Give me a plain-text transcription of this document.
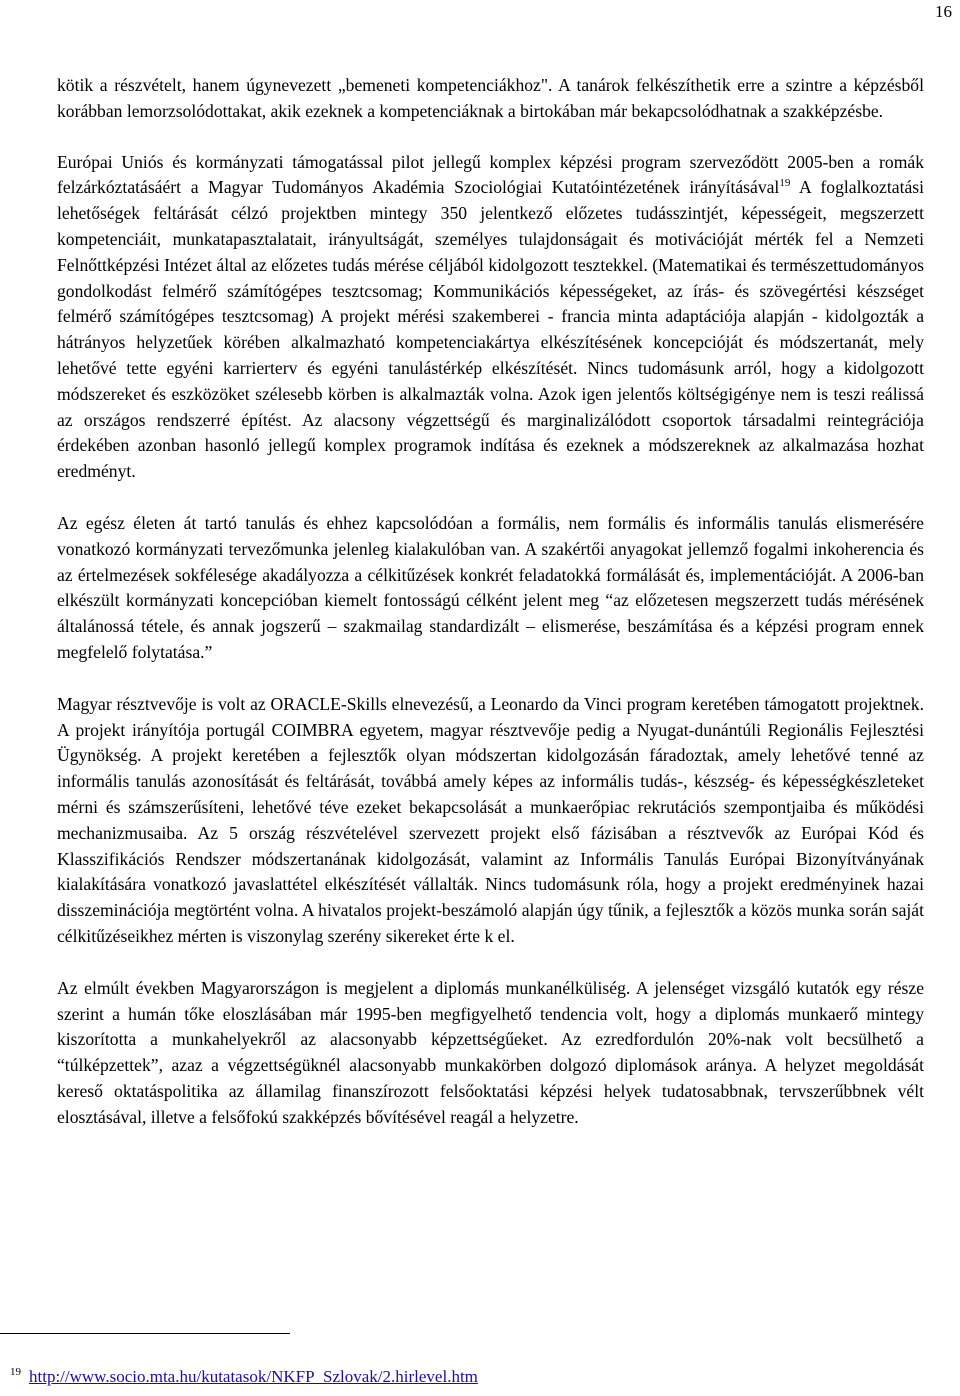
16

kötik a részvételt, hanem úgynevezett „bemeneti kompetenciákhoz". A tanárok felkészíthetik erre a szintre a képzésből korábban lemorzsolódottakat, akik ezeknek a kompetenciáknak a birtokában már bekapcsolódhatnak a szakképzésbe.

Európai Uniós és kormányzati támogatással pilot jellegű komplex képzési program szerveződött 2005-ben a romák felzárkóztatásáért a Magyar Tudományos Akadémia Szociológiai Kutatóintézetének irányításával$^{19}$ A foglalkoztatási lehetőségek feltárását célzó projektben mintegy 350 jelentkező előzetes tudásszintjét, képességeit, megszerzett kompetenciáit, munkatapasztalatait, irányultságát, személyes tulajdonságait és motivációját mérték fel a Nemzeti Felnőttképzési Intézet által az előzetes tudás mérése céljából kidolgozott tesztekkel. (Matematikai és természettudományos gondolkodást felmérő számítógépes tesztcsomag; Kommunikációs képességeket, az írás- és szövegértési készséget felmérő számítógépes tesztcsomag) A projekt mérési szakemberei - francia minta adaptációja alapján - kidolgozták a hátrányos helyzetűek körében alkalmazható kompetenciakártya elkészítésének koncepcióját és módszertanát, mely lehetővé tette egyéni karrierterv és egyéni tanulástérkép elkészítését. Nincs tudomásunk arról, hogy a kidolgozott módszereket és eszközöket szélesebb körben is alkalmazták volna. Azok igen jelentős költségigénye nem is teszi reálissá az országos rendszerré építést. Az alacsony végzettségű és marginalizálódott csoportok társadalmi reintegrációja érdekében azonban hasonló jellegű komplex programok indítása és ezeknek a módszereknek az alkalmazása hozhat eredményt.

Az egész életen át tartó tanulás és ehhez kapcsolódóan a formális, nem formális és informális tanulás elismerésére vonatkozó kormányzati tervezőmunka jelenleg kialakulóban van. A szakértői anyagokat jellemző fogalmi inkoherencia és az értelmezések sokfélesége akadályozza a célkitűzések konkrét feladatokká formálását és, implementációját. A 2006-ban elkészült kormányzati koncepcióban kiemelt fontosságú célként jelent meg “az előzetesen megszerzett tudás mérésének általánossá tétele, és annak jogszerű – szakmailag standardizált – elismerése, beszámítása és a képzési program ennek megfelelő folytatása.”

Magyar résztvevője is volt az ORACLE-Skills elnevezésű, a Leonardo da Vinci program keretében támogatott projektnek. A projekt irányítója portugál COIMBRA egyetem, magyar résztvevője pedig a Nyugat-dunántúli Regionális Fejlesztési Ügynökség. A projekt keretében a fejlesztők olyan módszertan kidolgozásán fáradoztak, amely lehetővé tenné az informális tanulás azonosítását és feltárását, továbbá amely képes az informális tudás-, készség- és képességkészleteket mérni és számszerűsíteni, lehetővé téve ezeket bekapcsolását a munkaerőpiac rekrutációs szempontjaiba és működési mechanizmusaiba. Az 5 ország részvételével szervezett projekt első fázisában a résztvevők az Európai Kód és Klasszifikációs Rendszer módszertanának kidolgozását, valamint az Informális Tanulás Európai Bizonyítványának kialakítására vonatkozó javaslattétel elkészítését vállalták. Nincs tudomásunk róla, hogy a projekt eredményinek hazai disszeminációja megtörtént volna. A hivatalos projekt-beszámoló alapján úgy tűnik, a fejlesztők a közös munka során saját célkitűzéseikhez mérten is viszonylag szerény sikereket érte k el.

Az elmúlt években Magyarországon is megjelent a diplomás munkanélküliség. A jelenséget vizsgáló kutatók egy része szerint a humán tőke eloszlásában már 1995-ben megfigyelhető tendencia volt, hogy a diplomás munkaerő mintegy kiszorította a munkahelyekről az alacsonyabb képzettségűeket. Az ezredfordulón 20%-nak volt becsülhető a “túlképzettek”, azaz a végzettségüknél alacsonyabb munkakörben dolgozó diplomások aránya. A helyzet megoldását kereső oktatáspolitika az államilag finanszírozott felsőoktatási képzési helyek tudatosabbnak, tervszerűbbnek vélt elosztásával, illetve a felsőfokú szakképzés bővítésével reagál a helyzetre.

$^{19}$ http://www.socio.mta.hu/kutatasok/NKFP_Szlovak/2.hirlevel.htm
